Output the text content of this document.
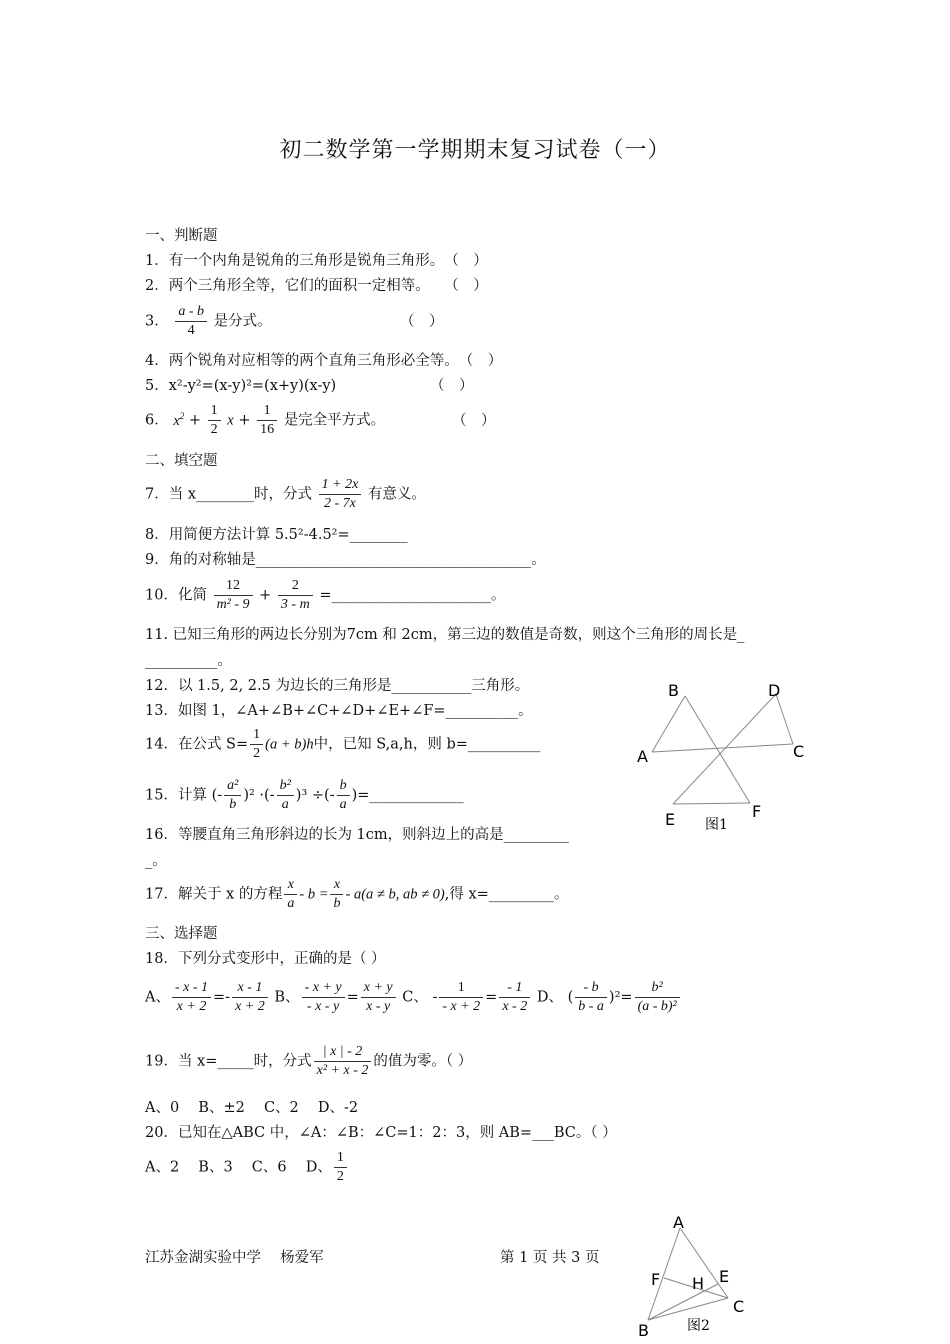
初二数学第一学期期末复习试卷（一）
一、判断题
1．有一个内角是锐角的三角形是锐角三角形。　（　）
2．两个三角形全等，它们的面积一定相等。　　（　）
3． $\frac{a - b}{4}$ 是分式。	（　）
4．两个锐角对应相等的两个直角三角形必全等。　（　）
5．x²-y²=(x-y)²=(x+y)(x-y)	（　）
6． $x^2 + \frac{1}{2}$ $x + \frac{1}{16}$ 是完全平方式。	（　）
二、填空题
7．当 x________时，分式 $\frac{1 + 2x}{2 - 7x}$ 有意义。
8．用简便方法计算 5.5²-4.5²=________
9．角的对称轴是______________________________________。
10．化简 $\frac{12}{\text{m² - 9}} + \frac{2}{3 - m}$ =______________________。
11. 已知三角形的两边长分别为7cm 和 2cm，第三边的数值是奇数，则这个三角形的周长是_
__________。
12．以 1.5, 2, 2.5 为边长的三角形是___________三角形。
13．如图 1，∠A+∠B+∠C+∠D+∠E+∠F=__________。
14．在公式 $S= \frac{1}{2} (a + b)h$中，已知 S,a,h，则 b=__________
15．计算 (- $\frac{\text{a²}}{b} )^2$ ·(- $\frac{\text{b²}}{a} )^3$ ÷(- $\frac{b}{a}$ )=_____________
16．等腰直角三角形斜边的长为 1cm，则斜边上的高是_________
_。
17．解关于 x 的方程 $\frac{x}{a} - b = \frac{x}{b} - a(a \ne b$, ab ≠ 0),得 x=_________。
三、选择题
18．下列分式变形中，正确的是（ ）
A、 $\frac{- x - 1}{x + 2} =- \frac{x - 1}{x + 2}$ B、 $\frac{- x + y}{- x - y} = \frac{x + y}{x - y}$ C、 - $\frac{1}{- x + 2} = \frac{- 1}{x - 2}$ D、 ( $\frac{- b}{b - a} )^2= \frac{\text{b²}}{\text{(a - b)²}}$
19．当 x=_____时，分式 $\frac{| x | - 2}{\text{x² + x - 2}}$ 的值为零。（ ）
A、0　 B、±2　 C、2　 D、-2
20．已知在△ABC 中，∠A：∠B：∠C=1：2：3，则 AB=___BC。（ ）
A、2　 B、3　 C、6　 D、 $\frac{1}{2}$
B	D
A	C
E	F
图1
A
F H E
C
B	图2
江苏金湖实验中学　 杨爱军	第 1 页 共 3 页
